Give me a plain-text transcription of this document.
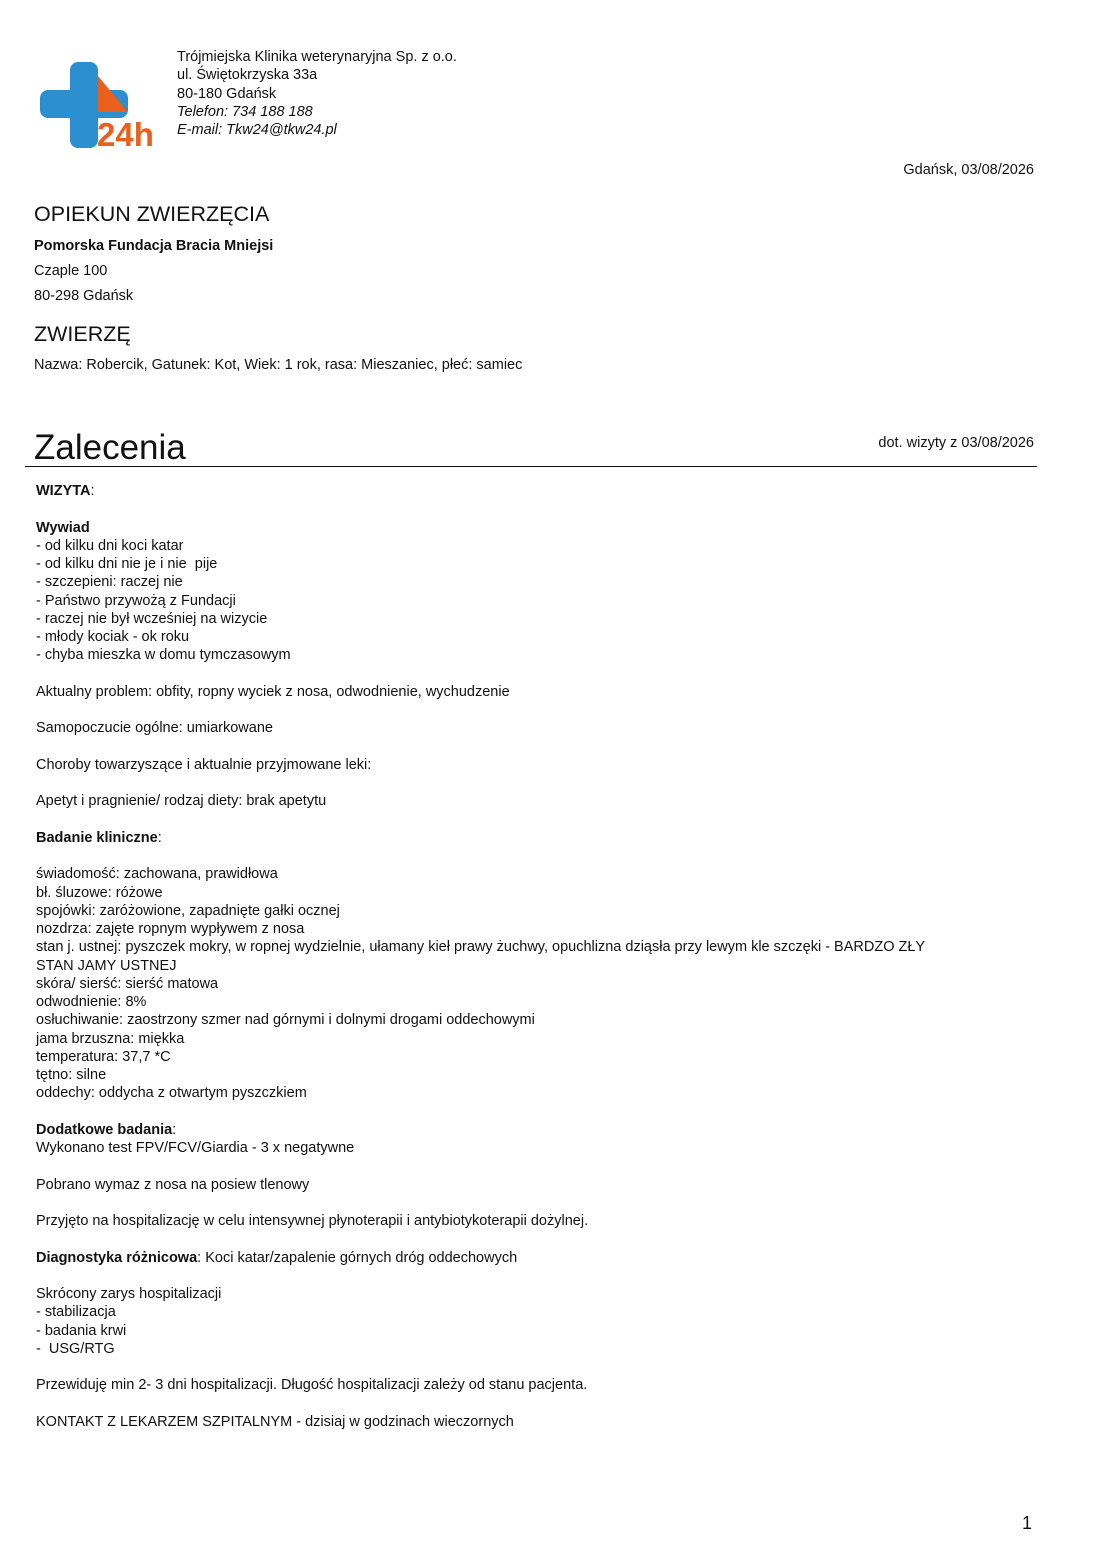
24h
Trójmiejska Klinika weterynaryjna Sp. z o.o.
ul. Świętokrzyska 33a
80-180 Gdańsk
Telefon: 734 188 188
E-mail: Tkw24@tkw24.pl
Gdańsk, 03/08/2026
OPIEKUN ZWIERZĘCIA
Pomorska Fundacja Bracia Mniejsi
Czaple 100
80-298 Gdańsk
ZWIERZĘ
Nazwa: Robercik, Gatunek: Kot, Wiek: 1 rok, rasa: Mieszaniec, płeć: samiec
Zalecenia	dot. wizyty z 03/08/2026
WIZYTA:
Wywiad
- od kilku dni koci katar
- od kilku dni nie je i nie  pije
- szczepieni: raczej nie
- Państwo przywożą z Fundacji
- raczej nie był wcześniej na wizycie
- młody kociak - ok roku
- chyba mieszka w domu tymczasowym
Aktualny problem: obfity, ropny wyciek z nosa, odwodnienie, wychudzenie
Samopoczucie ogólne: umiarkowane
Choroby towarzyszące i aktualnie przyjmowane leki:
Apetyt i pragnienie/ rodzaj diety: brak apetytu
Badanie kliniczne:
świadomość: zachowana, prawidłowa
bł. śluzowe: różowe
spojówki: zaróżowione, zapadnięte gałki ocznej
nozdrza: zajęte ropnym wypływem z nosa
stan j. ustnej: pyszczek mokry, w ropnej wydzielnie, ułamany kieł prawy żuchwy, opuchlizna dziąsła przy lewym kle szczęki - BARDZO ZŁY
STAN JAMY USTNEJ
skóra/ sierść: sierść matowa
odwodnienie: 8%
osłuchiwanie: zaostrzony szmer nad górnymi i dolnymi drogami oddechowymi
jama brzuszna: miękka
temperatura: 37,7 *C
tętno: silne
oddechy: oddycha z otwartym pyszczkiem
Dodatkowe badania:
Wykonano test FPV/FCV/Giardia - 3 x negatywne
Pobrano wymaz z nosa na posiew tlenowy
Przyjęto na hospitalizację w celu intensywnej płynoterapii i antybiotykoterapii dożylnej.
Diagnostyka różnicowa: Koci katar/zapalenie górnych dróg oddechowych
Skrócony zarys hospitalizacji
- stabilizacja
- badania krwi
-  USG/RTG
Przewiduję min 2- 3 dni hospitalizacji. Długość hospitalizacji zależy od stanu pacjenta.
KONTAKT Z LEKARZEM SZPITALNYM - dzisiaj w godzinach wieczornych
1
